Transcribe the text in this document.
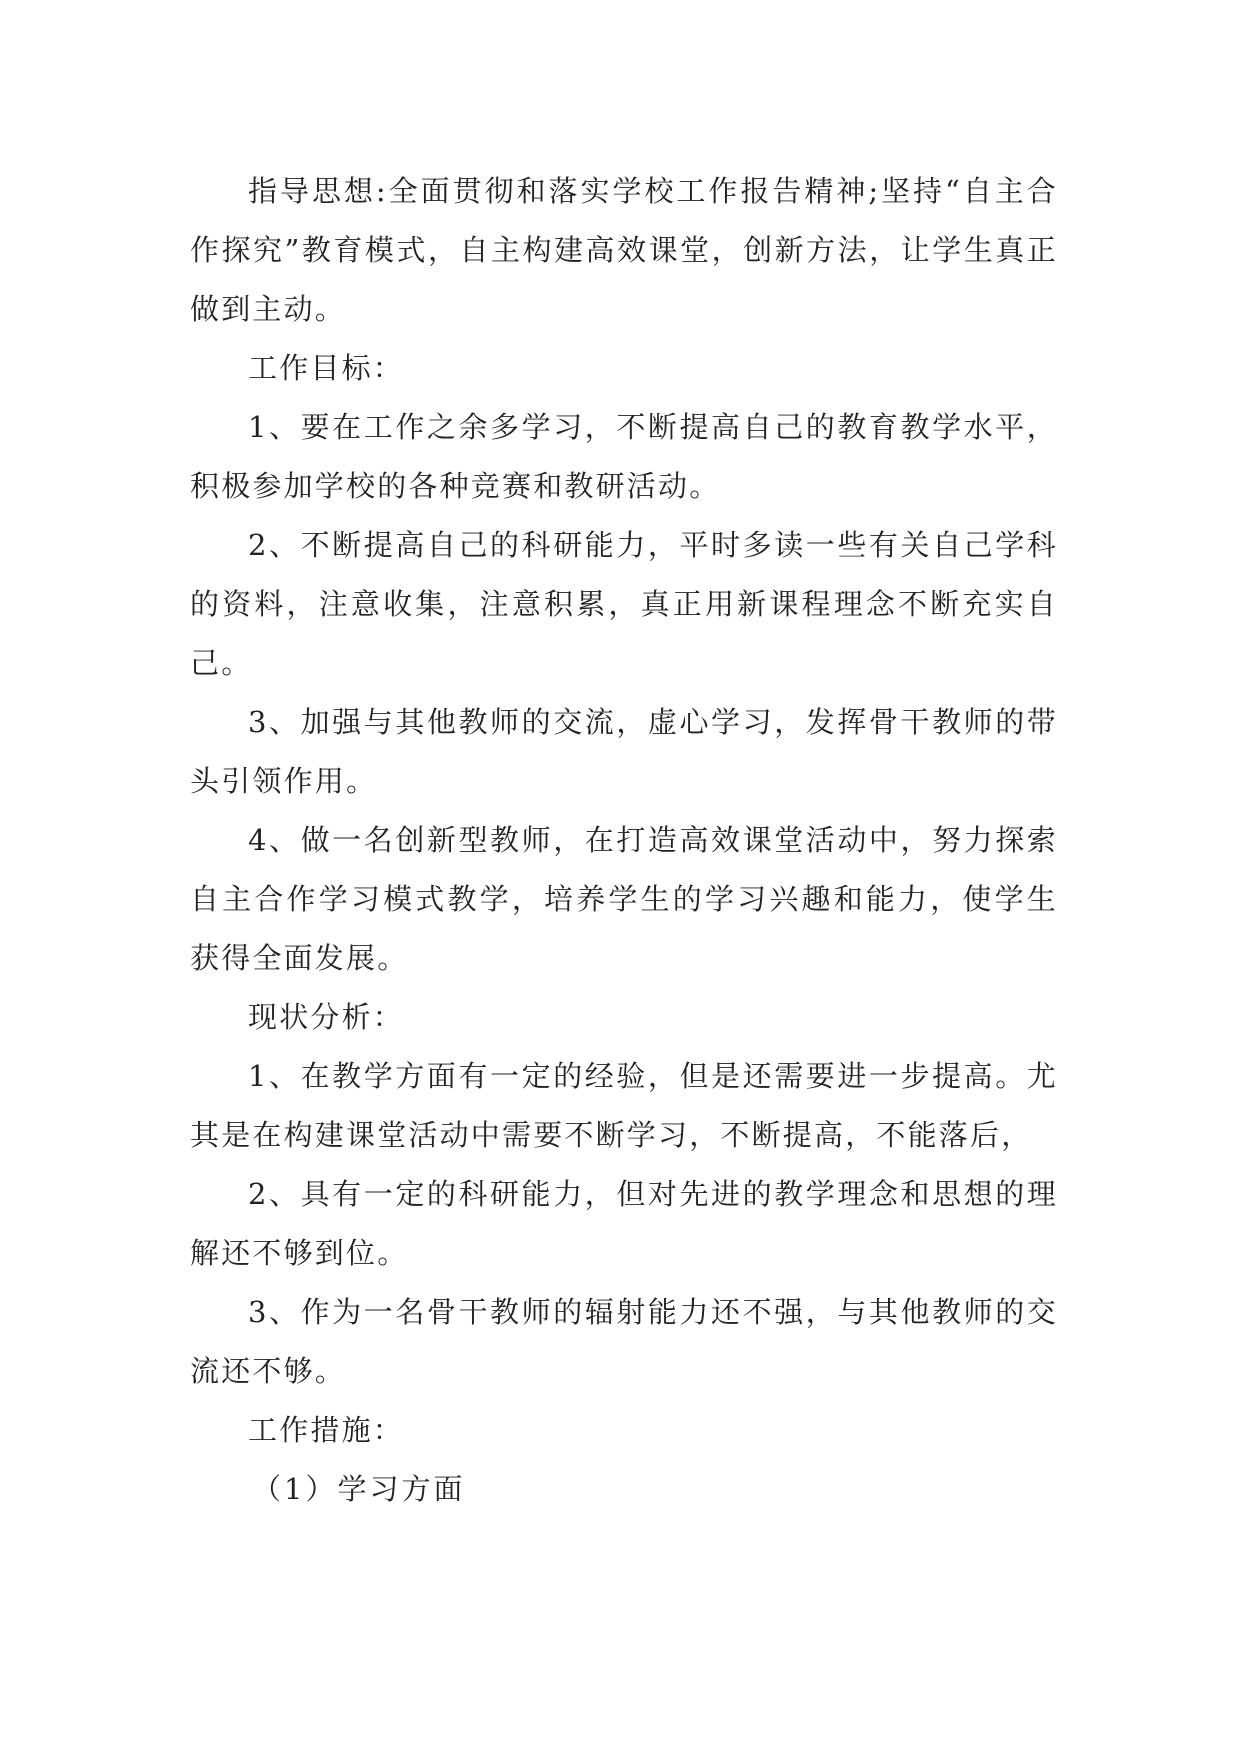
指导思想:全面贯彻和落实学校工作报告精神;坚持“自主合作探究”教育模式，自主构建高效课堂，创新方法，让学生真正做到主动。

工作目标：

1、要在工作之余多学习，不断提高自己的教育教学水平，积极参加学校的各种竞赛和教研活动。

2、不断提高自己的科研能力，平时多读一些有关自己学科的资料，注意收集，注意积累，真正用新课程理念不断充实自己。

3、加强与其他教师的交流，虚心学习，发挥骨干教师的带头引领作用。

4、做一名创新型教师，在打造高效课堂活动中，努力探索自主合作学习模式教学，培养学生的学习兴趣和能力，使学生获得全面发展。

现状分析：

1、在教学方面有一定的经验，但是还需要进一步提高。尤其是在构建课堂活动中需要不断学习，不断提高，不能落后，

2、具有一定的科研能力，但对先进的教学理念和思想的理解还不够到位。

3、作为一名骨干教师的辐射能力还不强，与其他教师的交流还不够。

工作措施：

（1）学习方面
